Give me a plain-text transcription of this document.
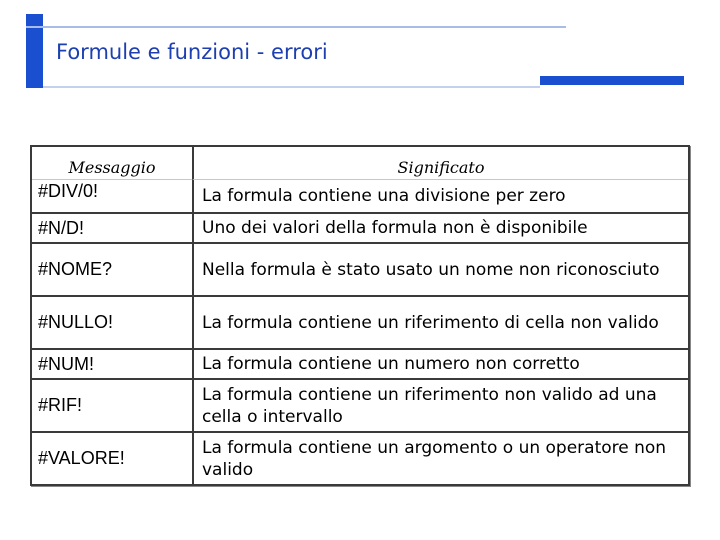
Formule e funzioni - errori
Messaggio	Significato
#DIV/0!	La formula contiene una divisione per zero
#N/D!	Uno dei valori della formula non è disponibile
#NOME?	Nella formula è stato usato un nome non riconosciuto
#NULLO!	La formula contiene un riferimento di cella non valido
#NUM!	La formula contiene un numero non corretto
#RIF!	La formula contiene un riferimento non valido ad una cella o intervallo
#VALORE!	La formula contiene un argomento o un operatore non valido
